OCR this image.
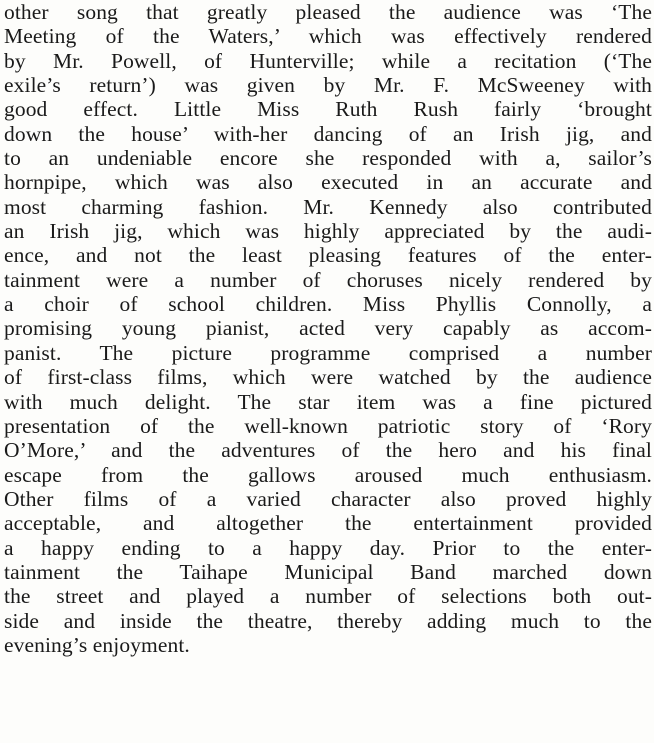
other song that greatly pleased the audience was ‘The
Meeting of the Waters,’ which was effectively rendered
by Mr. Powell, of Hunterville; while a recitation (‘The
exile’s return’) was given by Mr. F. McSweeney with
good effect. Little Miss Ruth Rush fairly ‘brought
down the house’ with-her dancing of an Irish jig, and
to an undeniable encore she responded with a, sailor’s
hornpipe, which was also executed in an accurate and
most charming fashion. Mr. Kennedy also contributed
an Irish jig, which was highly appreciated by the audi-
ence, and not the least pleasing features of the enter-
tainment were a number of choruses nicely rendered by
a choir of school children. Miss Phyllis Connolly, a
promising young pianist, acted very capably as accom-
panist. The picture programme comprised a number
of first-class films, which were watched by the audience
with much delight. The star item was a fine pictured
presentation of the well-known patriotic story of ‘Rory
O’More,’ and the adventures of the hero and his final
escape from the gallows aroused much enthusiasm.
Other films of a varied character also proved highly
acceptable, and altogether the entertainment provided
a happy ending to a happy day. Prior to the enter-
tainment the Taihape Municipal Band marched down
the street and played a number of selections both out-
side and inside the theatre, thereby adding much to the
evening’s enjoyment.
